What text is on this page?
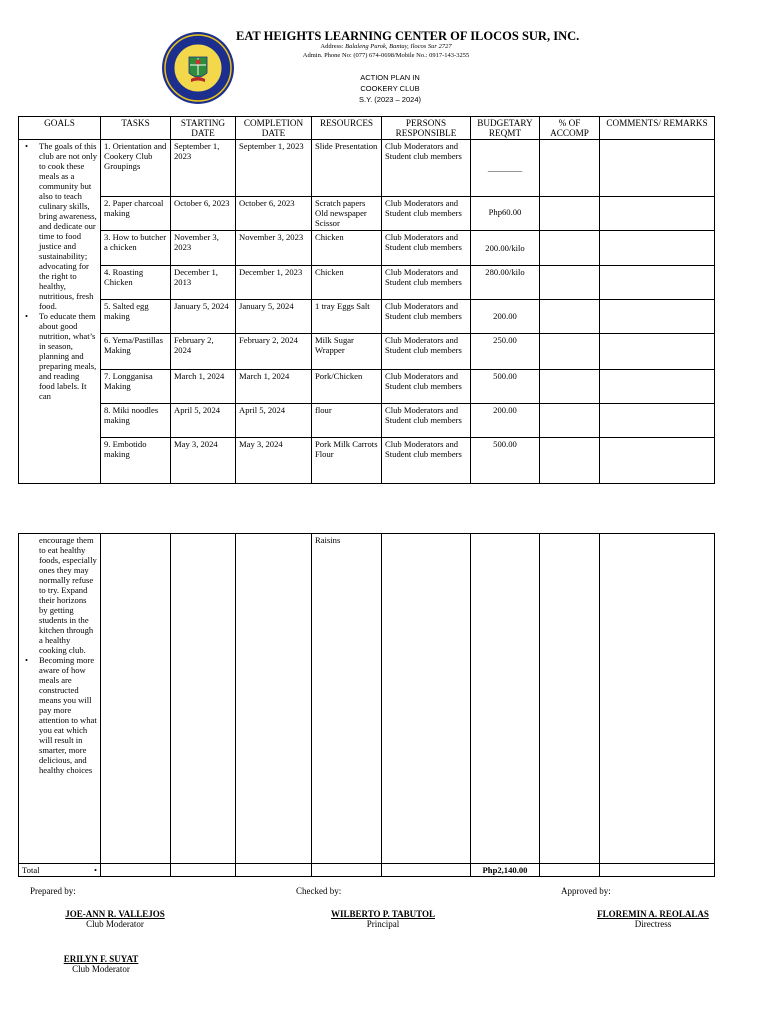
EAT HEIGHTS LEARNING CENTER OF ILOCOS SUR, INC.
Address: Balaleng Purok, Bantay, Ilocos Sur 2727
Admin. Phone No: (077) 674-0698/Mobile No.: 0917-143-3255
ACTION PLAN IN
COOKERY CLUB
S.Y. (2023 – 2024)
GOALS	TASKS	STARTING DATE	COMPLETION DATE	RESOURCES	PERSONS RESPONSIBLE	BUDGETARY REQMT	% OF ACCOMP	COMMENTS/ REMARKS

• The goals of this club are not only to cook these meals as a community but also to teach culinary skills, bring awareness, and dedicate our time to food justice and sustainability; advocating for the right to healthy, nutritious, fresh food.
• To educate them about good nutrition, what’s in season, planning and preparing meals, and reading food labels. It can	1. Orientation and Cookery Club Groupings	September 1, 2023	September 1, 2023	Slide Presentation	Club Moderators and Student club members	________		
	2. Paper charcoal making	October 6, 2023	October 6, 2023	Scratch papers Old newspaper Scissor	Club Moderators and Student club members	Php60.00		
	3. How to butcher a chicken	November 3, 2023	November 3, 2023	Chicken	Club Moderators and Student club members	200.00/kilo		
	• 4. Roasting Chicken	December 1, 2013	December 1, 2023	Chicken	Club Moderators and Student club members	280.00/kilo		
	• 5. Salted egg making	January 5, 2024	January 5, 2024	1 tray Eggs Salt	Club Moderators and Student club members	200.00		
	• 6. Yema/Pastillas Making	February 2, 2024	February 2, 2024	Milk Sugar Wrapper	Club Moderators and Student club members	250.00		
	• 7. Longganisa Making	March 1, 2024	March 1, 2024	Pork/Chicken	Club Moderators and Student club members	500.00		
	• 8. Miki noodles making	April 5, 2024	April 5, 2024	flour	Club Moderators and Student club members	200.00		
	• 9. Embotido making	May 3, 2024	May 3, 2024	Pork Milk Carrots Flour	Club Moderators and Student club members	500.00		
encourage them to eat healthy foods, especially ones they may normally refuse to try. Expand their horizons by getting students in the kitchen through a healthy cooking club.
• Becoming more aware of how meals are constructed means you will pay more attention to what you eat which will result in smarter, more delicious, and healthy choices				Raisins				
Total •						Php2,140.00		
Prepared by:	Checked by:	Approved by:
JOE-ANN R. VALLEJOS
Club Moderator
WILBERTO P. TABUTOL
Principal
FLOREMIN A. REOLALAS
Directress
ERILYN F. SUYAT
Club Moderator
